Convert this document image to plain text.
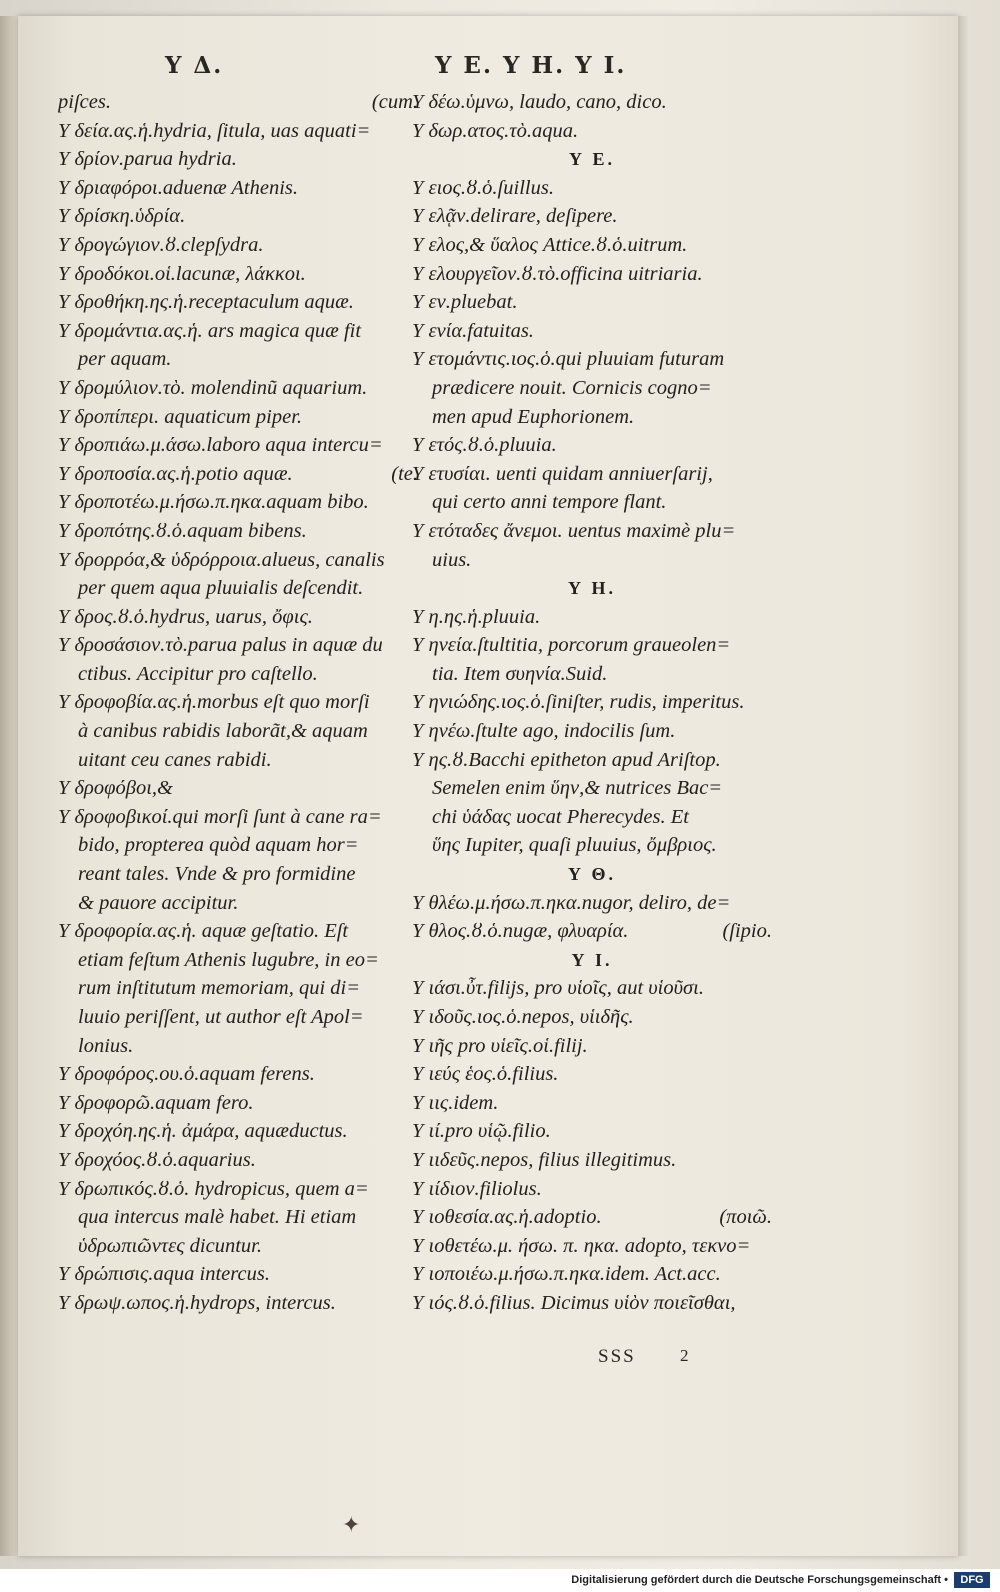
Υ Δ.	Υ Ε. Υ Η. Υ Ι.
piſces.	(cum.
Υ δεία.ας.ἡ.hydria, ſitula, uas aquati=
Υ δρίον.parua hydria.
Υ δριαφόροι.aduenæ Athenis.
Υ δρίσκη.ὑδρία.
Υ δρογώγιον.ȣ.clepſydra.
Υ δροδόκοι.οἱ.lacunæ, λάκκοι.
Υ δροθήκη.ης.ἡ.receptaculum aquæ.
Υ δρομάντια.ας.ἡ. ars magica quæ fit
per aquam.
Υ δρομύλιον.τὸ. molendinũ aquarium.
Υ δροπίπερι. aquaticum piper.
Υ δροπιάω.μ.άσω.laboro aqua intercu=
Υ δροποσία.ας.ἡ.potio aquæ.	(te.
Υ δροποτέω.μ.ήσω.π.ηκα.aquam bibo.
Υ δροπότης.ȣ.ὁ.aquam bibens.
Υ δρορρόα,& ὑδρόρροια.alueus, canalis
per quem aqua pluuialis deſcendit.
Υ δρος.ȣ.ὁ.hydrus, uarus, ὄφις.
Υ δροσάσιον.τὸ.parua palus in aquæ du
ctibus. Accipitur pro caſtello.
Υ δροφοβία.ας.ἡ.morbus eſt quo morſi
à canibus rabidis laborãt,& aquam
uitant ceu canes rabidi.
Υ δροφόβοι,&
Υ δροφοβικοί.qui morſi ſunt à cane ra=
bido, propterea quòd aquam hor=
reant tales. Vnde & pro formidine
& pauore accipitur.
Υ δροφορία.ας.ἡ. aquæ geſtatio. Eſt
etiam feſtum Athenis lugubre, in eo=
rum inſtitutum memoriam, qui di=
luuio periſſent, ut author eſt Apol=
lonius.
Υ δροφόρος.ου.ὁ.aquam ferens.
Υ δροφορῶ.aquam fero.
Υ δροχόη.ης.ἡ. ἀμάρα, aquæductus.
Υ δροχόος.ȣ.ὁ.aquarius.
Υ δρωπικός.ȣ.ὁ. hydropicus, quem a=
qua intercus malè habet. Hi etiam
ὑδρωπιῶντες dicuntur.
Υ δρώπισις.aqua intercus.
Υ δρωψ.ωπος.ἡ.hydrops, intercus.
Υ δέω.ὑμνω, laudo, cano, dico.
Υ δωρ.ατος.τὸ.aqua.
Υ Ε.
Υ ειος.ȣ.ὁ.ſuillus.
Υ ελᾷν.delirare, deſipere.
Υ ελος,& ὕαλος Attice.ȣ.ὁ.uitrum.
Υ ελουργεῖον.ȣ.τὸ.officina uitriaria.
Υ εν.pluebat.
Υ ενία.fatuitas.
Υ ετομάντις.ιος.ὁ.qui pluuiam futuram
prædicere nouit. Cornicis cogno=
men apud Euphorionem.
Υ ετός.ȣ.ὁ.pluuia.
Υ ετυσίαι. uenti quidam anniuerſarij,
qui certo anni tempore flant.
Υ ετόταδες ἄνεμοι. uentus maximè plu=
uius.
Υ Η.
Υ η.ης.ἡ.pluuia.
Υ ηνεία.ſtultitia, porcorum graueolen=
tia. Item συηνία.Suid.
Υ ηνιώδης.ιος.ὁ.ſiniſter, rudis, imperitus.
Υ ηνέω.ſtulte ago, indocilis ſum.
Υ ης.ȣ.Bacchi epitheton apud Ariſtop.
Semelen enim ὕην,& nutrices Bac=
chi ὑάδας uocat Pherecydes. Et
ὕης Iupiter, quaſi pluuius, ὄμβριος.
Υ Θ.
Υ θλέω.μ.ήσω.π.ηκα.nugor, deliro, de=
Υ θλος.ȣ.ὁ.nugæ, φλυαρία.	(ſipio.
Υ Ι.
Υ ιάσι.ὖτ.filijs, pro υἱοῖς, aut υἱοῦσι.
Υ ιδοῦς.ιος.ὁ.nepos, υἱιδῆς.
Υ ιῆς pro υἱεῖς.οἱ.filij.
Υ ιεύς ἑος.ὁ.filius.
Υ ιις.idem.
Υ ιί.pro υἱῷ.filio.
Υ ιιδεῦς.nepos, filius illegitimus.
Υ ιίδιον.filiolus.
Υ ιοθεσία.ας.ἡ.adoptio.	(ποιῶ.
Υ ιοθετέω.μ. ήσω. π. ηκα. adopto, τεκνο=
Υ ιοποιέω.μ.ήσω.π.ηκα.idem. Act.acc.
Υ ιός.ȣ.ὁ.filius. Dicimus υἱὸν ποιεῖσθαι,
SSS	2
✦
Digitalisierung gefördert durch die Deutsche Forschungsgemeinschaft •	DFG
